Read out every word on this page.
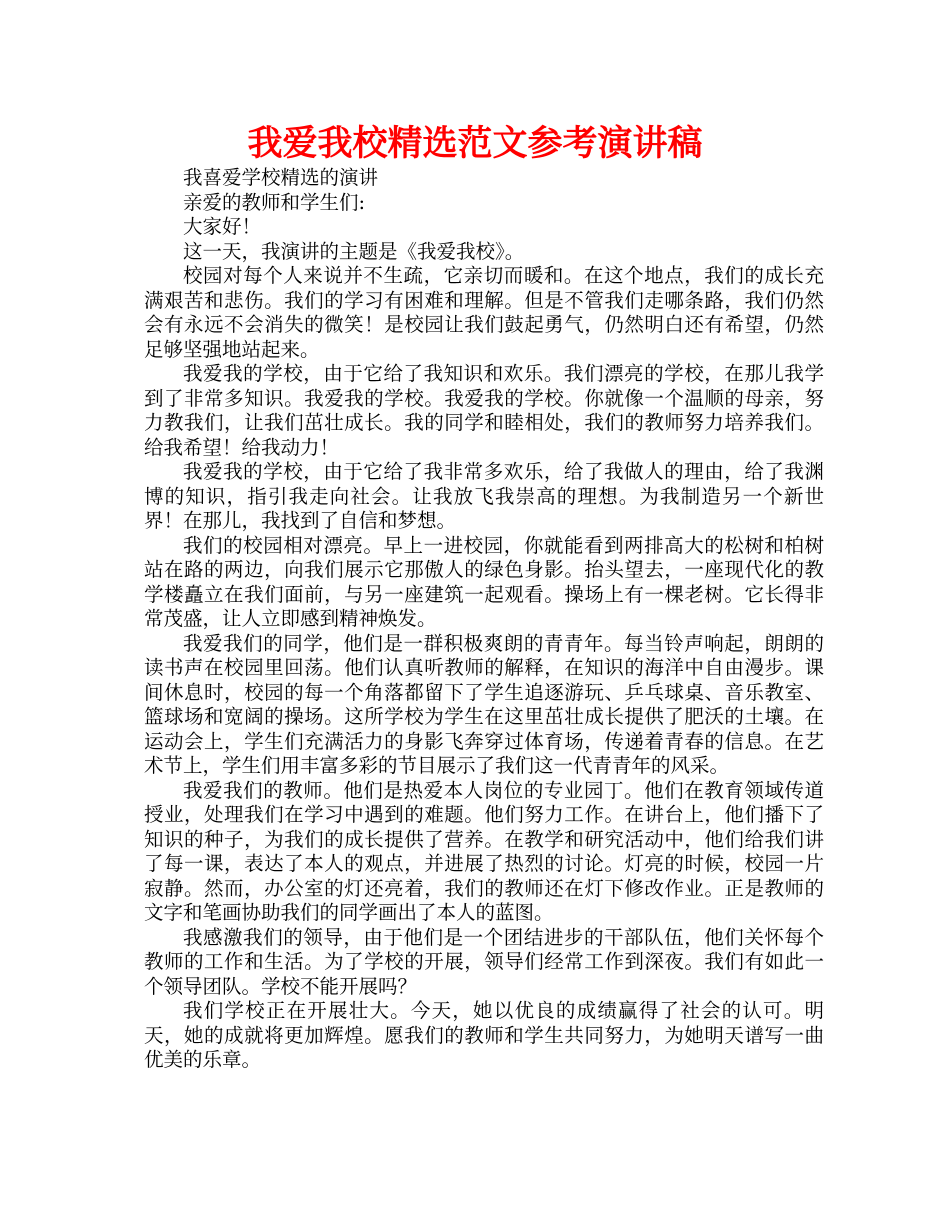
我爱我校精选范文参考演讲稿

我喜爱学校精选的演讲

亲爱的教师和学生们:

大家好！

这一天，我演讲的主题是《我爱我校》。

校园对每个人来说并不生疏，它亲切而暖和。在这个地点，我们的成长充满艰苦和悲伤。我们的学习有困难和理解。但是不管我们走哪条路，我们仍然会有永远不会消失的微笑！是校园让我们鼓起勇气，仍然明白还有希望，仍然足够坚强地站起来。

我爱我的学校，由于它给了我知识和欢乐。我们漂亮的学校，在那儿我学到了非常多知识。我爱我的学校。我爱我的学校。你就像一个温顺的母亲，努力教我们，让我们茁壮成长。我的同学和睦相处，我们的教师努力培养我们。给我希望！给我动力！

我爱我的学校，由于它给了我非常多欢乐，给了我做人的理由，给了我渊博的知识，指引我走向社会。让我放飞我崇高的理想。为我制造另一个新世界！在那儿，我找到了自信和梦想。

我们的校园相对漂亮。早上一进校园，你就能看到两排高大的松树和柏树站在路的两边，向我们展示它那傲人的绿色身影。抬头望去，一座现代化的教学楼矗立在我们面前，与另一座建筑一起观看。操场上有一棵老树。它长得非常茂盛，让人立即感到精神焕发。

我爱我们的同学，他们是一群积极爽朗的青青年。每当铃声响起，朗朗的读书声在校园里回荡。他们认真听教师的解释，在知识的海洋中自由漫步。课间休息时，校园的每一个角落都留下了学生追逐游玩、乒乓球桌、音乐教室、篮球场和宽阔的操场。这所学校为学生在这里茁壮成长提供了肥沃的土壤。在运动会上，学生们充满活力的身影飞奔穿过体育场，传递着青春的信息。在艺术节上，学生们用丰富多彩的节目展示了我们这一代青青年的风采。

我爱我们的教师。他们是热爱本人岗位的专业园丁。他们在教育领域传道授业，处理我们在学习中遇到的难题。他们努力工作。在讲台上，他们播下了知识的种子，为我们的成长提供了营养。在教学和研究活动中，他们给我们讲了每一课，表达了本人的观点，并进展了热烈的讨论。灯亮的时候，校园一片寂静。然而，办公室的灯还亮着，我们的教师还在灯下修改作业。正是教师的文字和笔画协助我们的同学画出了本人的蓝图。

我感激我们的领导，由于他们是一个团结进步的干部队伍，他们关怀每个教师的工作和生活。为了学校的开展，领导们经常工作到深夜。我们有如此一个领导团队。学校不能开展吗？

我们学校正在开展壮大。今天，她以优良的成绩赢得了社会的认可。明天，她的成就将更加辉煌。愿我们的教师和学生共同努力，为她明天谱写一曲优美的乐章。
